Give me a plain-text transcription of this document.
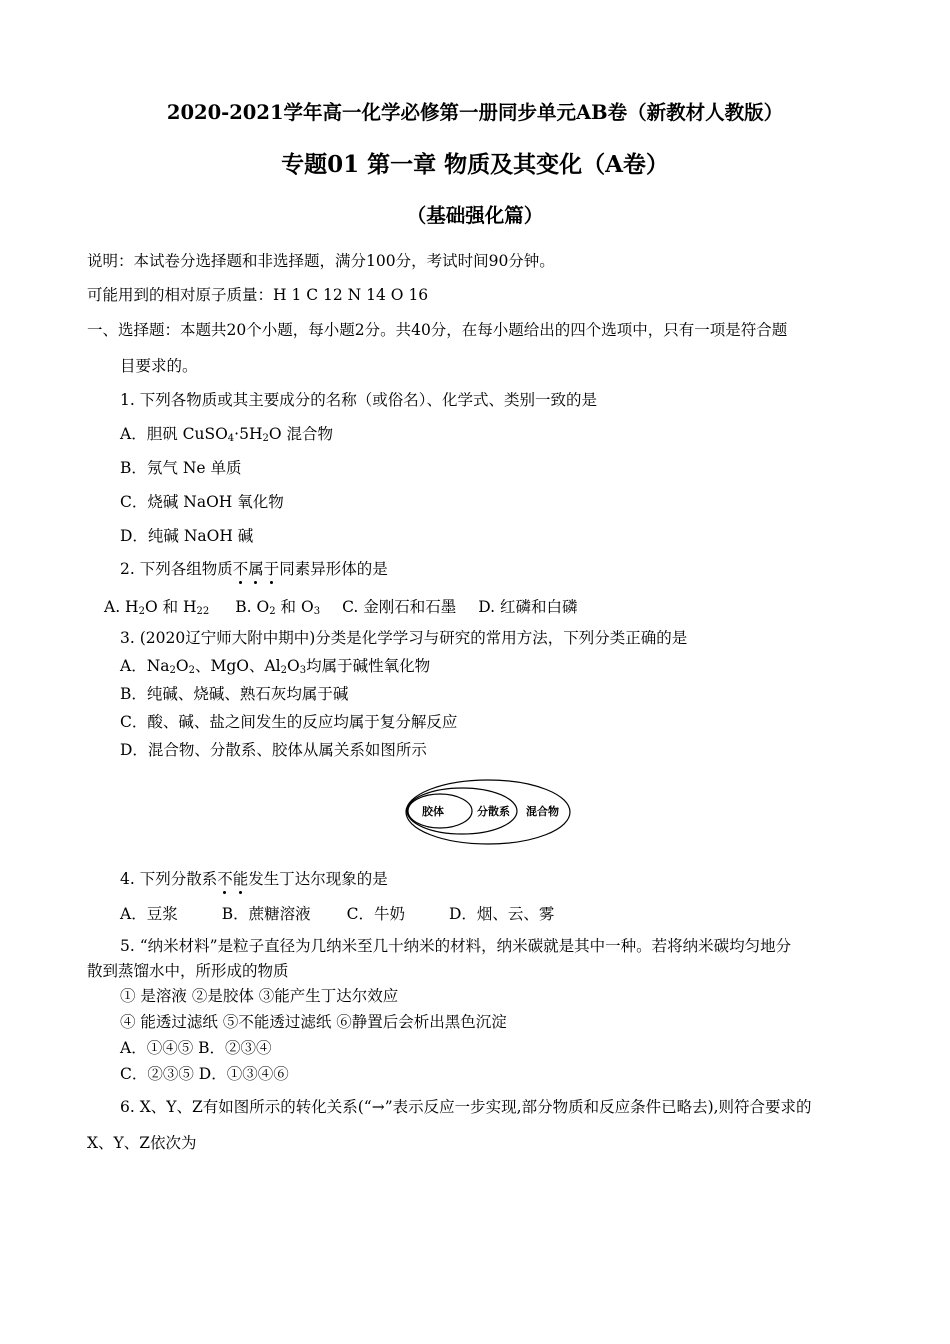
2020-2021学年高一化学必修第一册同步单元AB卷（新教材人教版）
专题01 第一章 物质及其变化（A卷）
（基础强化篇）
说明：本试卷分选择题和非选择题，满分100分，考试时间90分钟。
可能用到的相对原子质量：H 1 C 12 N 14 O 16
一、选择题：本题共20个小题，每小题2分。共40分，在每小题给出的四个选项中，只有一项是符合题
目要求的。
1. 下列各物质或其主要成分的名称（或俗名）、化学式、类别一致的是
A．胆矾 $CuSO_4\cdot 5H_2O$ 混合物
B．氖气 Ne 单质
C．烧碱 NaOH 氧化物
D．纯碱 NaOH 碱
2. 下列各组物质不属于同素异形体的是
A. $H_2O$ 和 $H_{22}$ B. $O_2$ 和 $O_3$ C. 金刚石和石墨 D. 红磷和白磷
3. (2020辽宁师大附中期中)分类是化学学习与研究的常用方法，下列分类正确的是
A．$Na_2O_2$、MgO、$Al_2O_3$均属于碱性氧化物
B．纯碱、烧碱、熟石灰均属于碱
C．酸、碱、盐之间发生的反应均属于复分解反应
D．混合物、分散系、胶体从属关系如图所示
胶体	分散系 混合物
4. 下列分散系不能发生丁达尔现象的是
A．豆浆	B．蔗糖溶液 C．牛奶	D．烟、云、雾
5. “纳米材料”是粒子直径为几纳米至几十纳米的材料，纳米碳就是其中一种。若将纳米碳均匀地分
散到蒸馏水中，所形成的物质
① 是溶液 ②是胶体 ③能产生丁达尔效应
④ 能透过滤纸 ⑤不能透过滤纸 ⑥静置后会析出黑色沉淀
A．①④⑤ B．②③④
C．②③⑤ D．①③④⑥
6. X、Y、Z有如图所示的转化关系(“→”表示反应一步实现,部分物质和反应条件已略去),则符合要求的
X、Y、Z依次为
